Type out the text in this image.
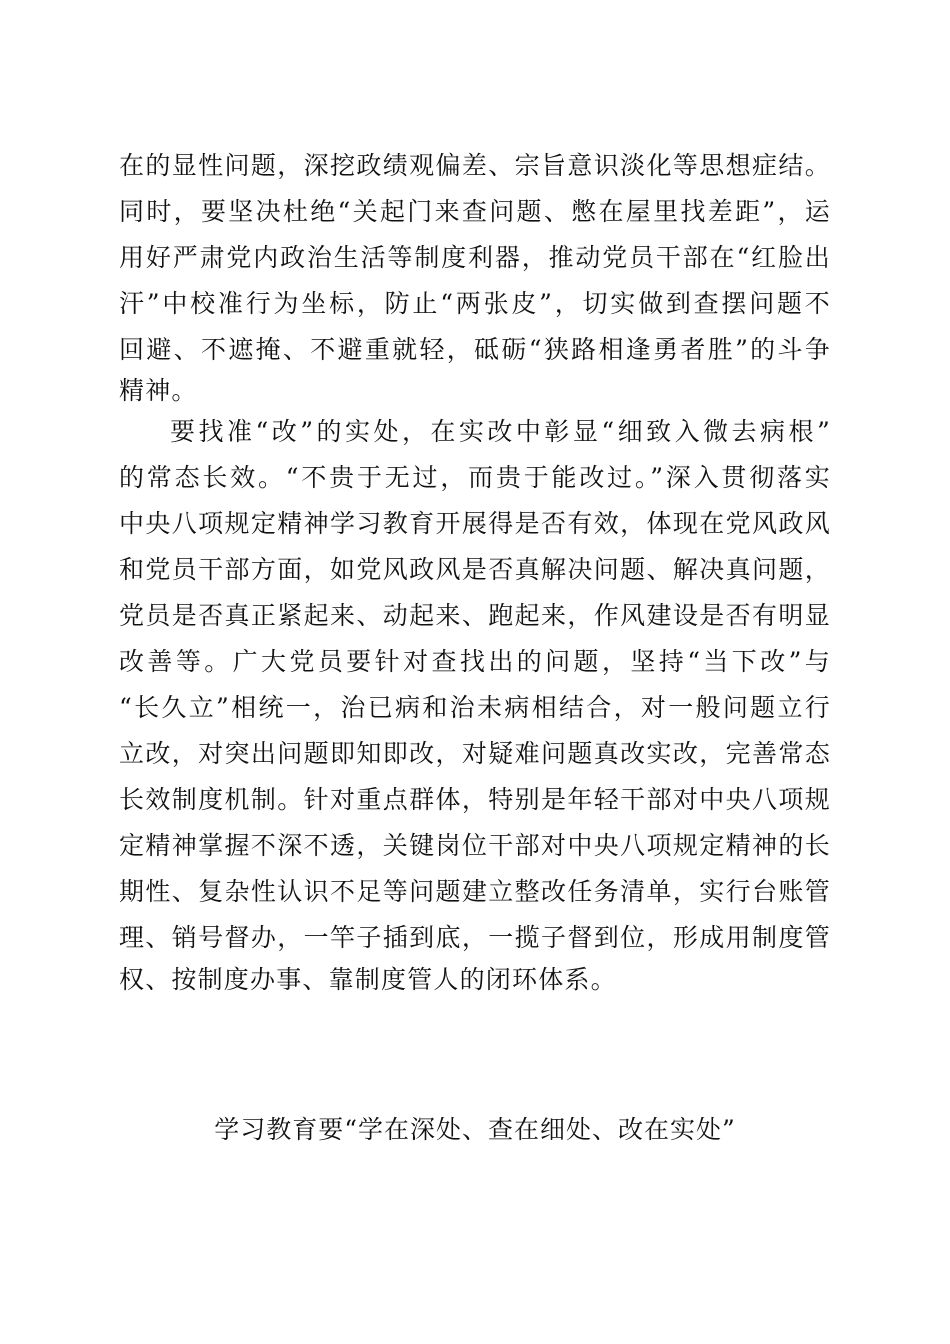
在的显性问题，深挖政绩观偏差、宗旨意识淡化等思想症结。
同时，要坚决杜绝“关起门来查问题、憋在屋里找差距”，运
用好严肃党内政治生活等制度利器，推动党员干部在“红脸出
汗”中校准行为坐标，防止“两张皮”，切实做到查摆问题不
回避、不遮掩、不避重就轻，砥砺“狭路相逢勇者胜”的斗争
精神。
要找准“改”的实处，在实改中彰显“细致入微去病根”
的常态长效。“不贵于无过，而贵于能改过。”深入贯彻落实
中央八项规定精神学习教育开展得是否有效，体现在党风政风
和党员干部方面，如党风政风是否真解决问题、解决真问题，
党员是否真正紧起来、动起来、跑起来，作风建设是否有明显
改善等。广大党员要针对查找出的问题，坚持“当下改”与
“长久立”相统一，治已病和治未病相结合，对一般问题立行
立改，对突出问题即知即改，对疑难问题真改实改，完善常态
长效制度机制。针对重点群体，特别是年轻干部对中央八项规
定精神掌握不深不透，关键岗位干部对中央八项规定精神的长
期性、复杂性认识不足等问题建立整改任务清单，实行台账管
理、销号督办，一竿子插到底，一揽子督到位，形成用制度管
权、按制度办事、靠制度管人的闭环体系。
学习教育要“学在深处、查在细处、改在实处”
